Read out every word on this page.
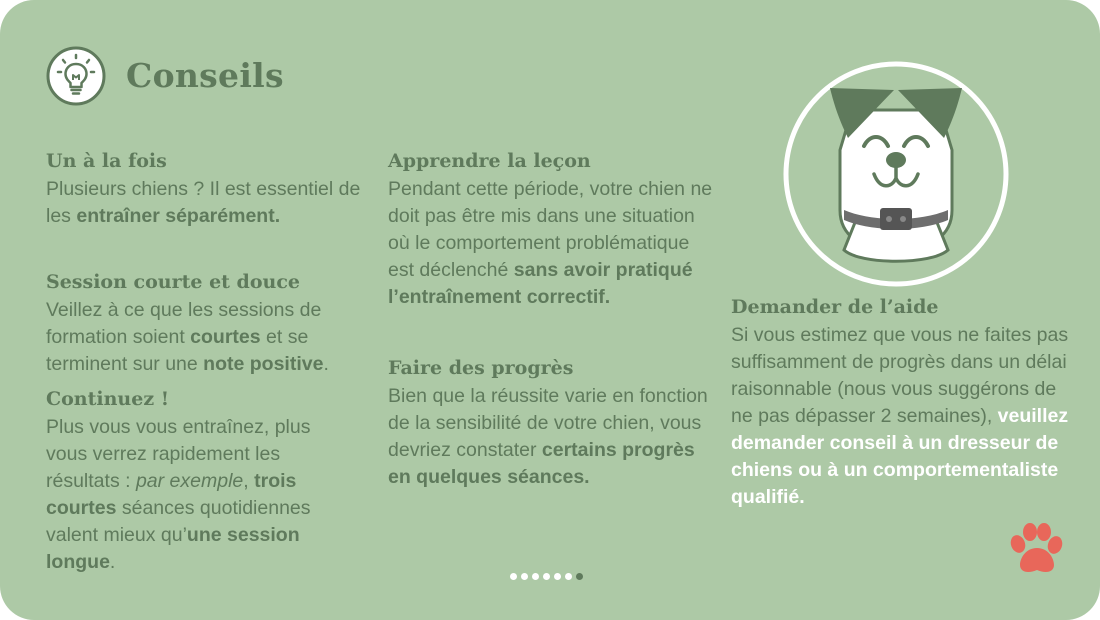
Conseils
Un à la fois

Plusieurs chiens ? Il est essentiel de les entraîner séparément.

Session courte et douce

Veillez à ce que les sessions de formation soient courtes et se terminent sur une note positive.

Continuez !

Plus vous vous entraînez, plus vous verrez rapidement les résultats : par exemple, trois courtes séances quotidiennes valent mieux qu’une session longue.

Apprendre la leçon

Pendant cette période, votre chien ne doit pas être mis dans une situation où le comportement problématique est déclenché sans avoir pratiqué l’entraînement correctif.

Faire des progrès

Bien que la réussite varie en fonction de la sensibilité de votre chien, vous devriez constater certains progrès en quelques séances.

Demander de l’aide

Si vous estimez que vous ne faites pas suffisamment de progrès dans un délai raisonnable (nous vous suggérons de ne pas dépasser 2 semaines), veuillez demander conseil à un dresseur de chiens ou à un comportementaliste qualifié.
